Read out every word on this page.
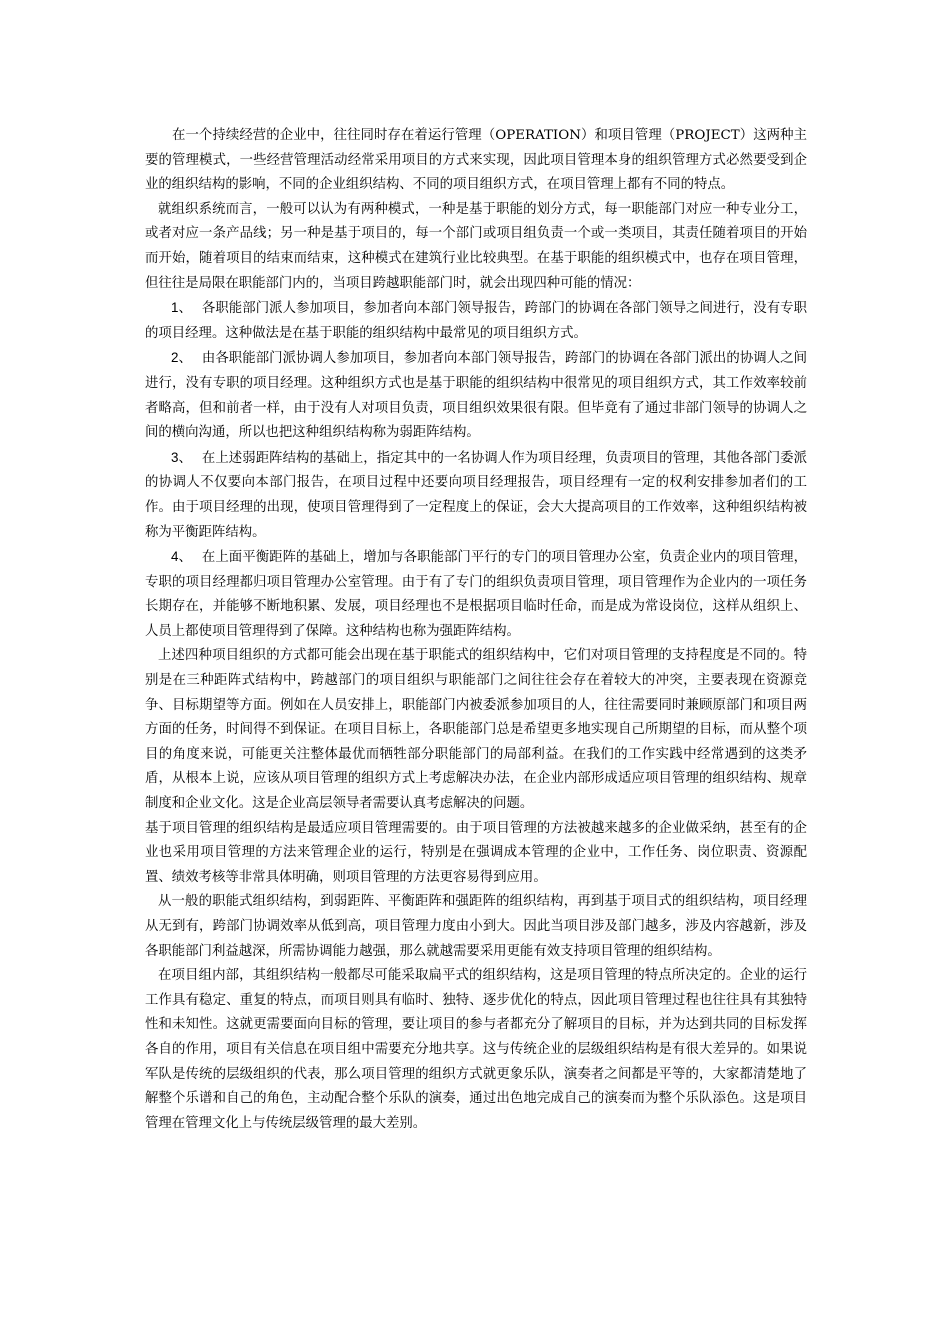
在一个持续经营的企业中，往往同时存在着运行管理（OPERATION）和项目管理（PROJECT）这两种主要的管理模式，一些经营管理活动经常采用项目的方式来实现，因此项目管理本身的组织管理方式必然要受到企业的组织结构的影响，不同的企业组织结构、不同的项目组织方式，在项目管理上都有不同的特点。

就组织系统而言，一般可以认为有两种模式，一种是基于职能的划分方式，每一职能部门对应一种专业分工，或者对应一条产品线；另一种是基于项目的，每一个部门或项目组负责一个或一类项目，其责任随着项目的开始而开始，随着项目的结束而结束，这种模式在建筑行业比较典型。在基于职能的组织模式中，也存在项目管理，但往往是局限在职能部门内的，当项目跨越职能部门时，就会出现四种可能的情况：

1、 各职能部门派人参加项目，参加者向本部门领导报告，跨部门的协调在各部门领导之间进行，没有专职的项目经理。这种做法是在基于职能的组织结构中最常见的项目组织方式。

2、 由各职能部门派协调人参加项目，参加者向本部门领导报告，跨部门的协调在各部门派出的协调人之间进行，没有专职的项目经理。这种组织方式也是基于职能的组织结构中很常见的项目组织方式，其工作效率较前者略高，但和前者一样，由于没有人对项目负责，项目组织效果很有限。但毕竟有了通过非部门领导的协调人之间的横向沟通，所以也把这种组织结构称为弱距阵结构。

3、 在上述弱距阵结构的基础上，指定其中的一名协调人作为项目经理，负责项目的管理，其他各部门委派的协调人不仅要向本部门报告，在项目过程中还要向项目经理报告，项目经理有一定的权利安排参加者们的工作。由于项目经理的出现，使项目管理得到了一定程度上的保证，会大大提高项目的工作效率，这种组织结构被称为平衡距阵结构。

4、 在上面平衡距阵的基础上，增加与各职能部门平行的专门的项目管理办公室，负责企业内的项目管理，专职的项目经理都归项目管理办公室管理。由于有了专门的组织负责项目管理，项目管理作为企业内的一项任务长期存在，并能够不断地积累、发展，项目经理也不是根据项目临时任命，而是成为常设岗位，这样从组织上、人员上都使项目管理得到了保障。这种结构也称为强距阵结构。

上述四种项目组织的方式都可能会出现在基于职能式的组织结构中，它们对项目管理的支持程度是不同的。特别是在三种距阵式结构中，跨越部门的项目组织与职能部门之间往往会存在着较大的冲突，主要表现在资源竞争、目标期望等方面。例如在人员安排上，职能部门内被委派参加项目的人，往往需要同时兼顾原部门和项目两方面的任务，时间得不到保证。在项目目标上，各职能部门总是希望更多地实现自己所期望的目标，而从整个项目的角度来说，可能更关注整体最优而牺牲部分职能部门的局部利益。在我们的工作实践中经常遇到的这类矛盾，从根本上说，应该从项目管理的组织方式上考虑解决办法，在企业内部形成适应项目管理的组织结构、规章制度和企业文化。这是企业高层领导者需要认真考虑解决的问题。

基于项目管理的组织结构是最适应项目管理需要的。由于项目管理的方法被越来越多的企业做采纳，甚至有的企业也采用项目管理的方法来管理企业的运行，特别是在强调成本管理的企业中，工作任务、岗位职责、资源配置、绩效考核等非常具体明确，则项目管理的方法更容易得到应用。

从一般的职能式组织结构，到弱距阵、平衡距阵和强距阵的组织结构，再到基于项目式的组织结构，项目经理从无到有，跨部门协调效率从低到高，项目管理力度由小到大。因此当项目涉及部门越多，涉及内容越新，涉及各职能部门利益越深，所需协调能力越强，那么就越需要采用更能有效支持项目管理的组织结构。

在项目组内部，其组织结构一般都尽可能采取扁平式的组织结构，这是项目管理的特点所决定的。企业的运行工作具有稳定、重复的特点，而项目则具有临时、独特、逐步优化的特点，因此项目管理过程也往往具有其独特性和未知性。这就更需要面向目标的管理，要让项目的参与者都充分了解项目的目标，并为达到共同的目标发挥各自的作用，项目有关信息在项目组中需要充分地共享。这与传统企业的层级组织结构是有很大差异的。如果说军队是传统的层级组织的代表，那么项目管理的组织方式就更象乐队，演奏者之间都是平等的，大家都清楚地了解整个乐谱和自己的角色，主动配合整个乐队的演奏，通过出色地完成自己的演奏而为整个乐队添色。这是项目管理在管理文化上与传统层级管理的最大差别。
